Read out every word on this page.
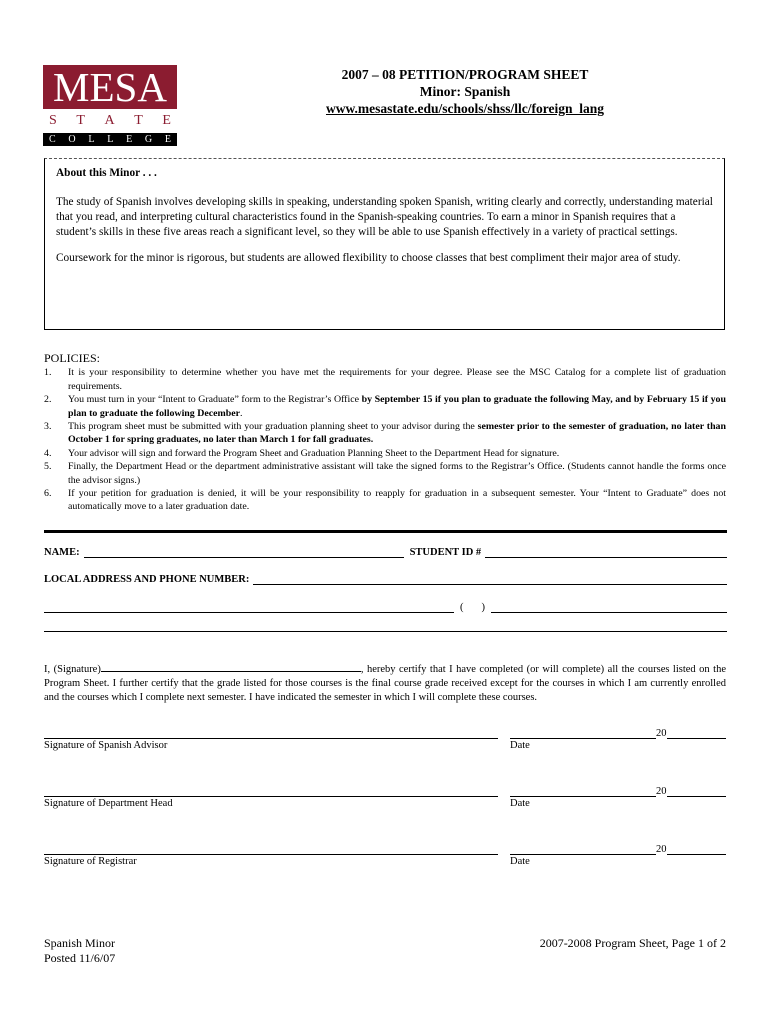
MESA
S T A T E
C O L L E G E
2007 – 08 PETITION/PROGRAM SHEET
Minor: Spanish
www.mesastate.edu/schools/shss/llc/foreign_lang
About this Minor . . .

The study of Spanish involves developing skills in speaking, understanding spoken Spanish, writing clearly and correctly, understanding material that you read, and interpreting cultural characteristics found in the Spanish-speaking countries. To earn a minor in Spanish requires that a student’s skills in these five areas reach a significant level, so they will be able to use Spanish effectively in a variety of practical settings.

Coursework for the minor is rigorous, but students are allowed flexibility to choose classes that best compliment their major area of study.

POLICIES:
1.	It is your responsibility to determine whether you have met the requirements for your degree. Please see the MSC Catalog for a complete list of graduation requirements.
2.	You must turn in your “Intent to Graduate” form to the Registrar’s Office by September 15 if you plan to graduate the following May, and by February 15 if you plan to graduate the following December.
3.	This program sheet must be submitted with your graduation planning sheet to your advisor during the semester prior to the semester of graduation, no later than October 1 for spring graduates, no later than March 1 for fall graduates.
4.	Your advisor will sign and forward the Program Sheet and Graduation Planning Sheet to the Department Head for signature.
5.	Finally, the Department Head or the department administrative assistant will take the signed forms to the Registrar’s Office. (Students cannot handle the forms once the advisor signs.)
6.	If your petition for graduation is denied, it will be your responsibility to reapply for graduation in a subsequent semester. Your “Intent to Graduate” does not automatically move to a later graduation date.
NAME:	STUDENT ID #
LOCAL ADDRESS AND PHONE NUMBER:
( )
I, (Signature)	, hereby certify that I have completed (or will complete) all the courses listed on the Program Sheet. I further certify that the grade listed for those courses is the final course grade received except for the courses in which I am currently enrolled and the courses which I complete next semester. I have indicated the semester in which I will complete these courses.
Signature of Spanish Advisor
20
Date
Signature of Department Head
20
Date
Signature of Registrar
20
Date
Spanish Minor
Posted 11/6/07
2007-2008 Program Sheet, Page 1 of 2
